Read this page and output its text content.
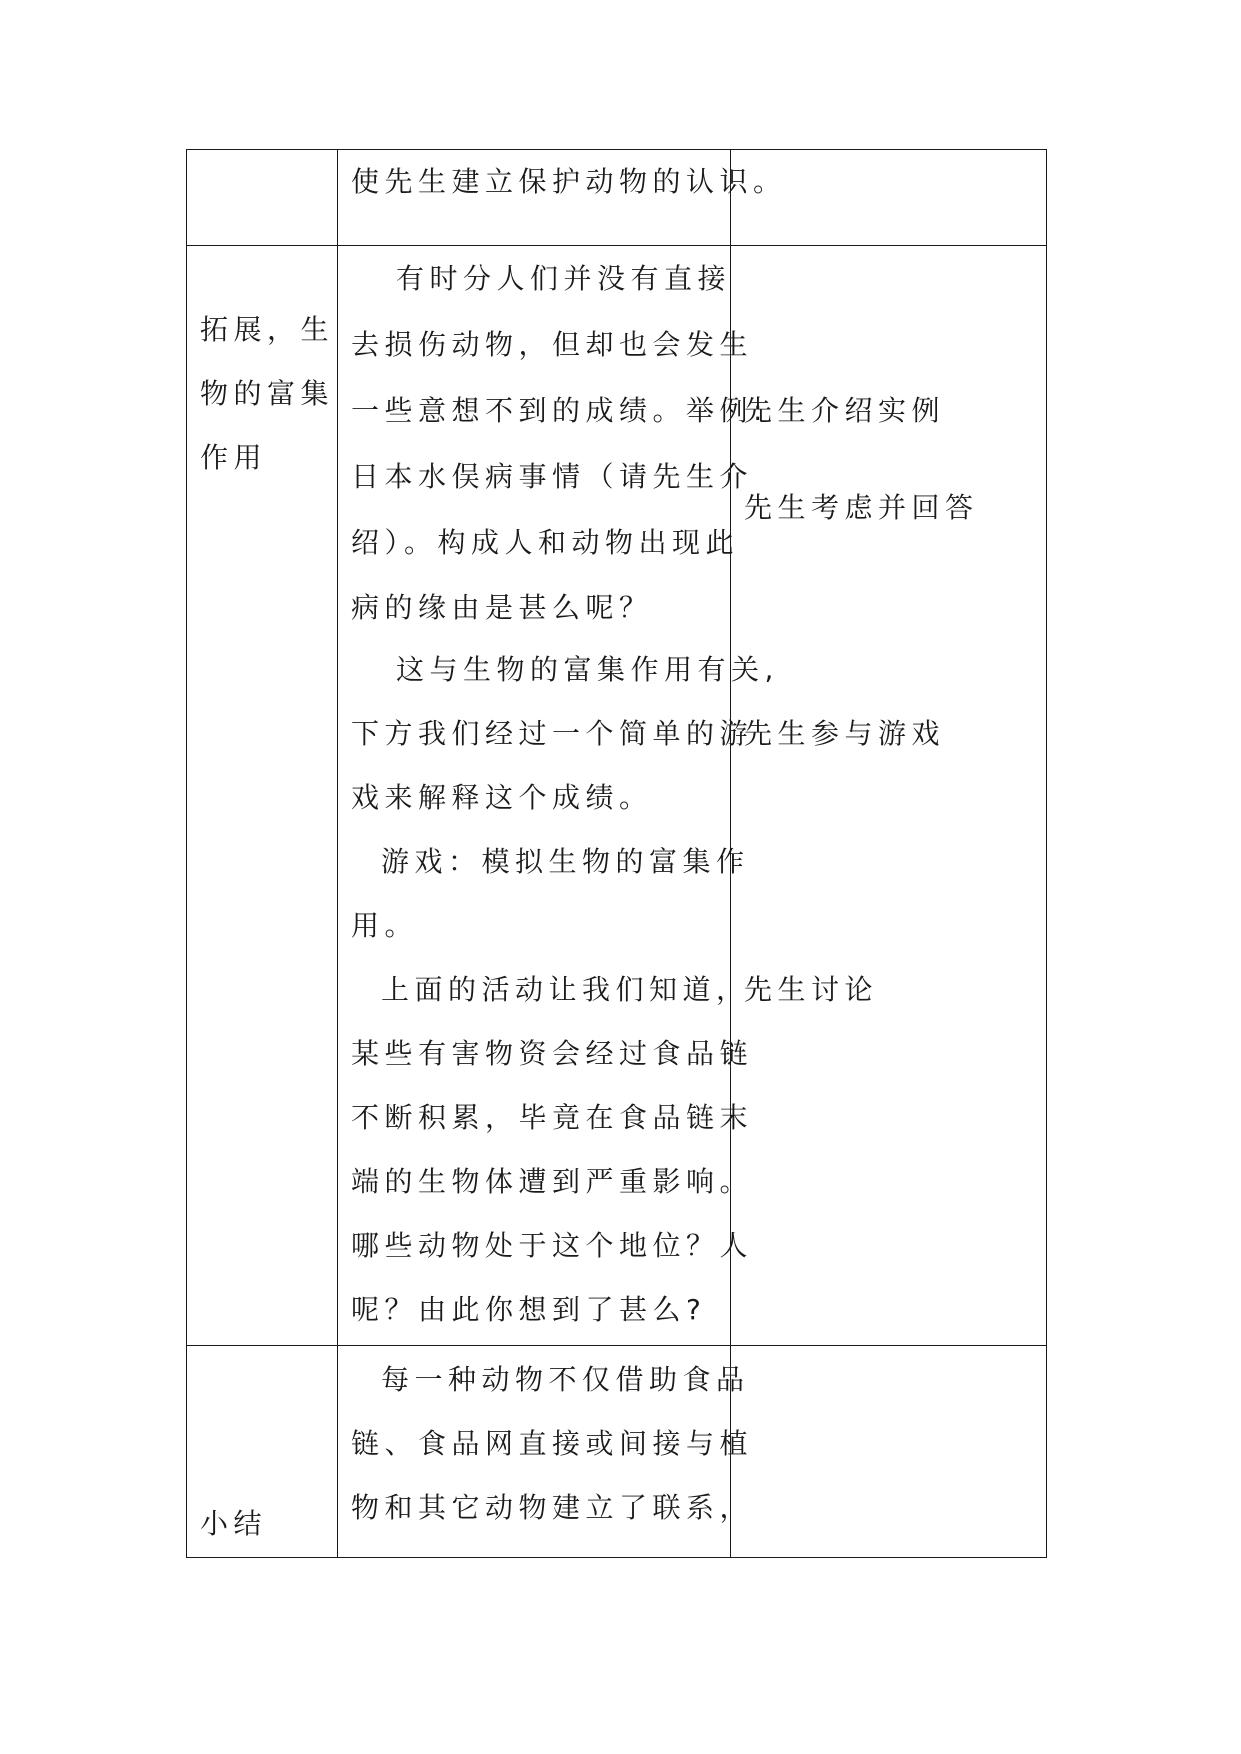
使先生建立保护动物的认识。
拓展，生
物的富集
作用
有时分人们并没有直接
去损伤动物，但却也会发生
一些意想不到的成绩。举例:
日本水俣病事情（请先生介
绍）。构成人和动物出现此
病的缘由是甚么呢？
这与生物的富集作用有关,
下方我们经过一个简单的游
戏来解释这个成绩。
游戏：模拟生物的富集作
用。
上面的活动让我们知道，
某些有害物资会经过食品链
不断积累，毕竟在食品链末
端的生物体遭到严重影响。
哪些动物处于这个地位？人
呢？由此你想到了甚么?
先生介绍实例
先生考虑并回答
先生参与游戏
先生讨论
小结
每一种动物不仅借助食品
链、食品网直接或间接与植
物和其它动物建立了联系，
